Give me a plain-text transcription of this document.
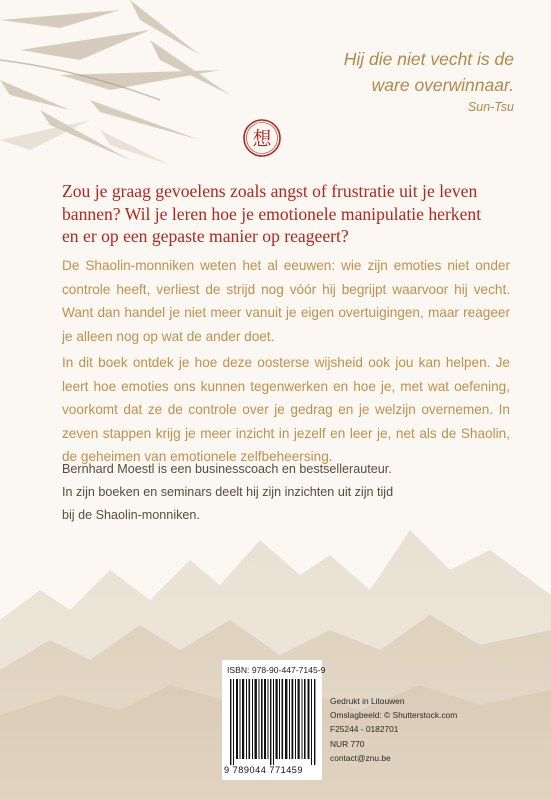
Hij die niet vecht is de
ware overwinnaar.
Sun-Tsu
想
Zou je graag gevoelens zoals angst of frustratie uit je leven bannen? Wil je leren hoe je emotionele manipulatie herkent en er op een gepaste manier op reageert?
De Shaolin-monniken weten het al eeuwen: wie zijn emoties niet onder controle heeft, verliest de strijd nog vóór hij begrijpt waarvoor hij vecht. Want dan handel je niet meer vanuit je eigen overtuigingen, maar reageer je alleen nog op wat de ander doet.
In dit boek ontdek je hoe deze oosterse wijsheid ook jou kan helpen. Je leert hoe emoties ons kunnen tegenwerken en hoe je, met wat oefening, voorkomt dat ze de controle over je gedrag en je welzijn overnemen. In zeven stappen krijg je meer inzicht in jezelf en leer je, net als de Shaolin, de geheimen van emotionele zelfbeheersing.
Bernhard Moestl is een businesscoach en bestsellerauteur.
In zijn boeken en seminars deelt hij zijn inzichten uit zijn tijd
bij de Shaolin-monniken.
ISBN: 978-90-447-7145-9
9 789044 771459
Gedrukt in Litouwen
Omslagbeeld: © Shutterstock.com
F25244 - 0182701
NUR 770
contact@znu.be
